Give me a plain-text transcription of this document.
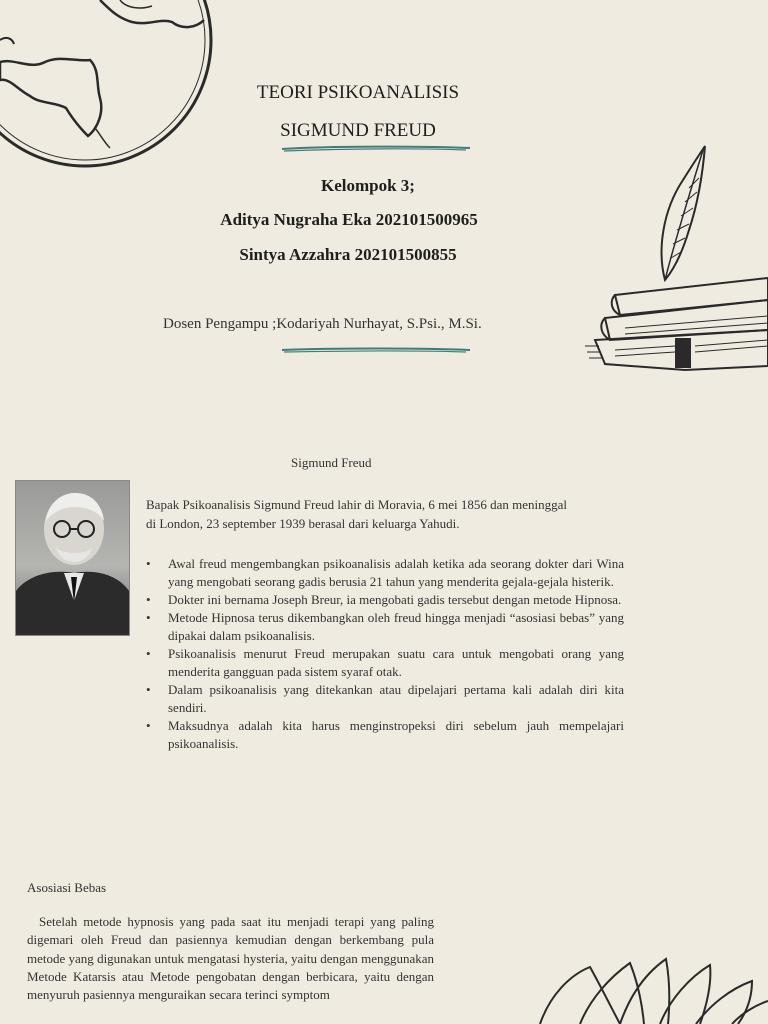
TEORI PSIKOANALISIS
SIGMUND FREUD
Kelompok 3;
Aditya Nugraha Eka 202101500965
Sintya Azzahra 202101500855
Dosen Pengampu ;Kodariyah Nurhayat, S.Psi., M.Si.
Sigmund Freud
Bapak Psikoanalisis Sigmund Freud lahir di Moravia, 6 mei 1856 dan meninggal di London, 23 september 1939 berasal dari keluarga Yahudi.
• Awal freud mengembangkan psikoanalisis adalah ketika ada seorang dokter dari Wina yang mengobati seorang gadis berusia 21 tahun yang menderita gejala-gejala histerik.
• Dokter ini bernama Joseph Breur, ia mengobati gadis tersebut dengan metode Hipnosa.
• Metode Hipnosa terus dikembangkan oleh freud hingga menjadi “asosiasi bebas” yang dipakai dalam psikoanalisis.
• Psikoanalisis menurut Freud merupakan suatu cara untuk mengobati orang yang menderita gangguan pada sistem syaraf otak.
• Dalam psikoanalisis yang ditekankan atau dipelajari pertama kali adalah diri kita sendiri.
• Maksudnya adalah kita harus menginstropeksi diri sebelum jauh mempelajari psikoanalisis.
Asosiasi Bebas
Setelah metode hypnosis yang pada saat itu menjadi terapi yang paling digemari oleh Freud dan pasiennya kemudian dengan berkembang pula metode yang digunakan untuk mengatasi hysteria, yaitu dengan menggunakan Metode Katarsis atau Metode pengobatan dengan berbicara, yaitu dengan menyuruh pasiennya menguraikan secara terinci symptom
